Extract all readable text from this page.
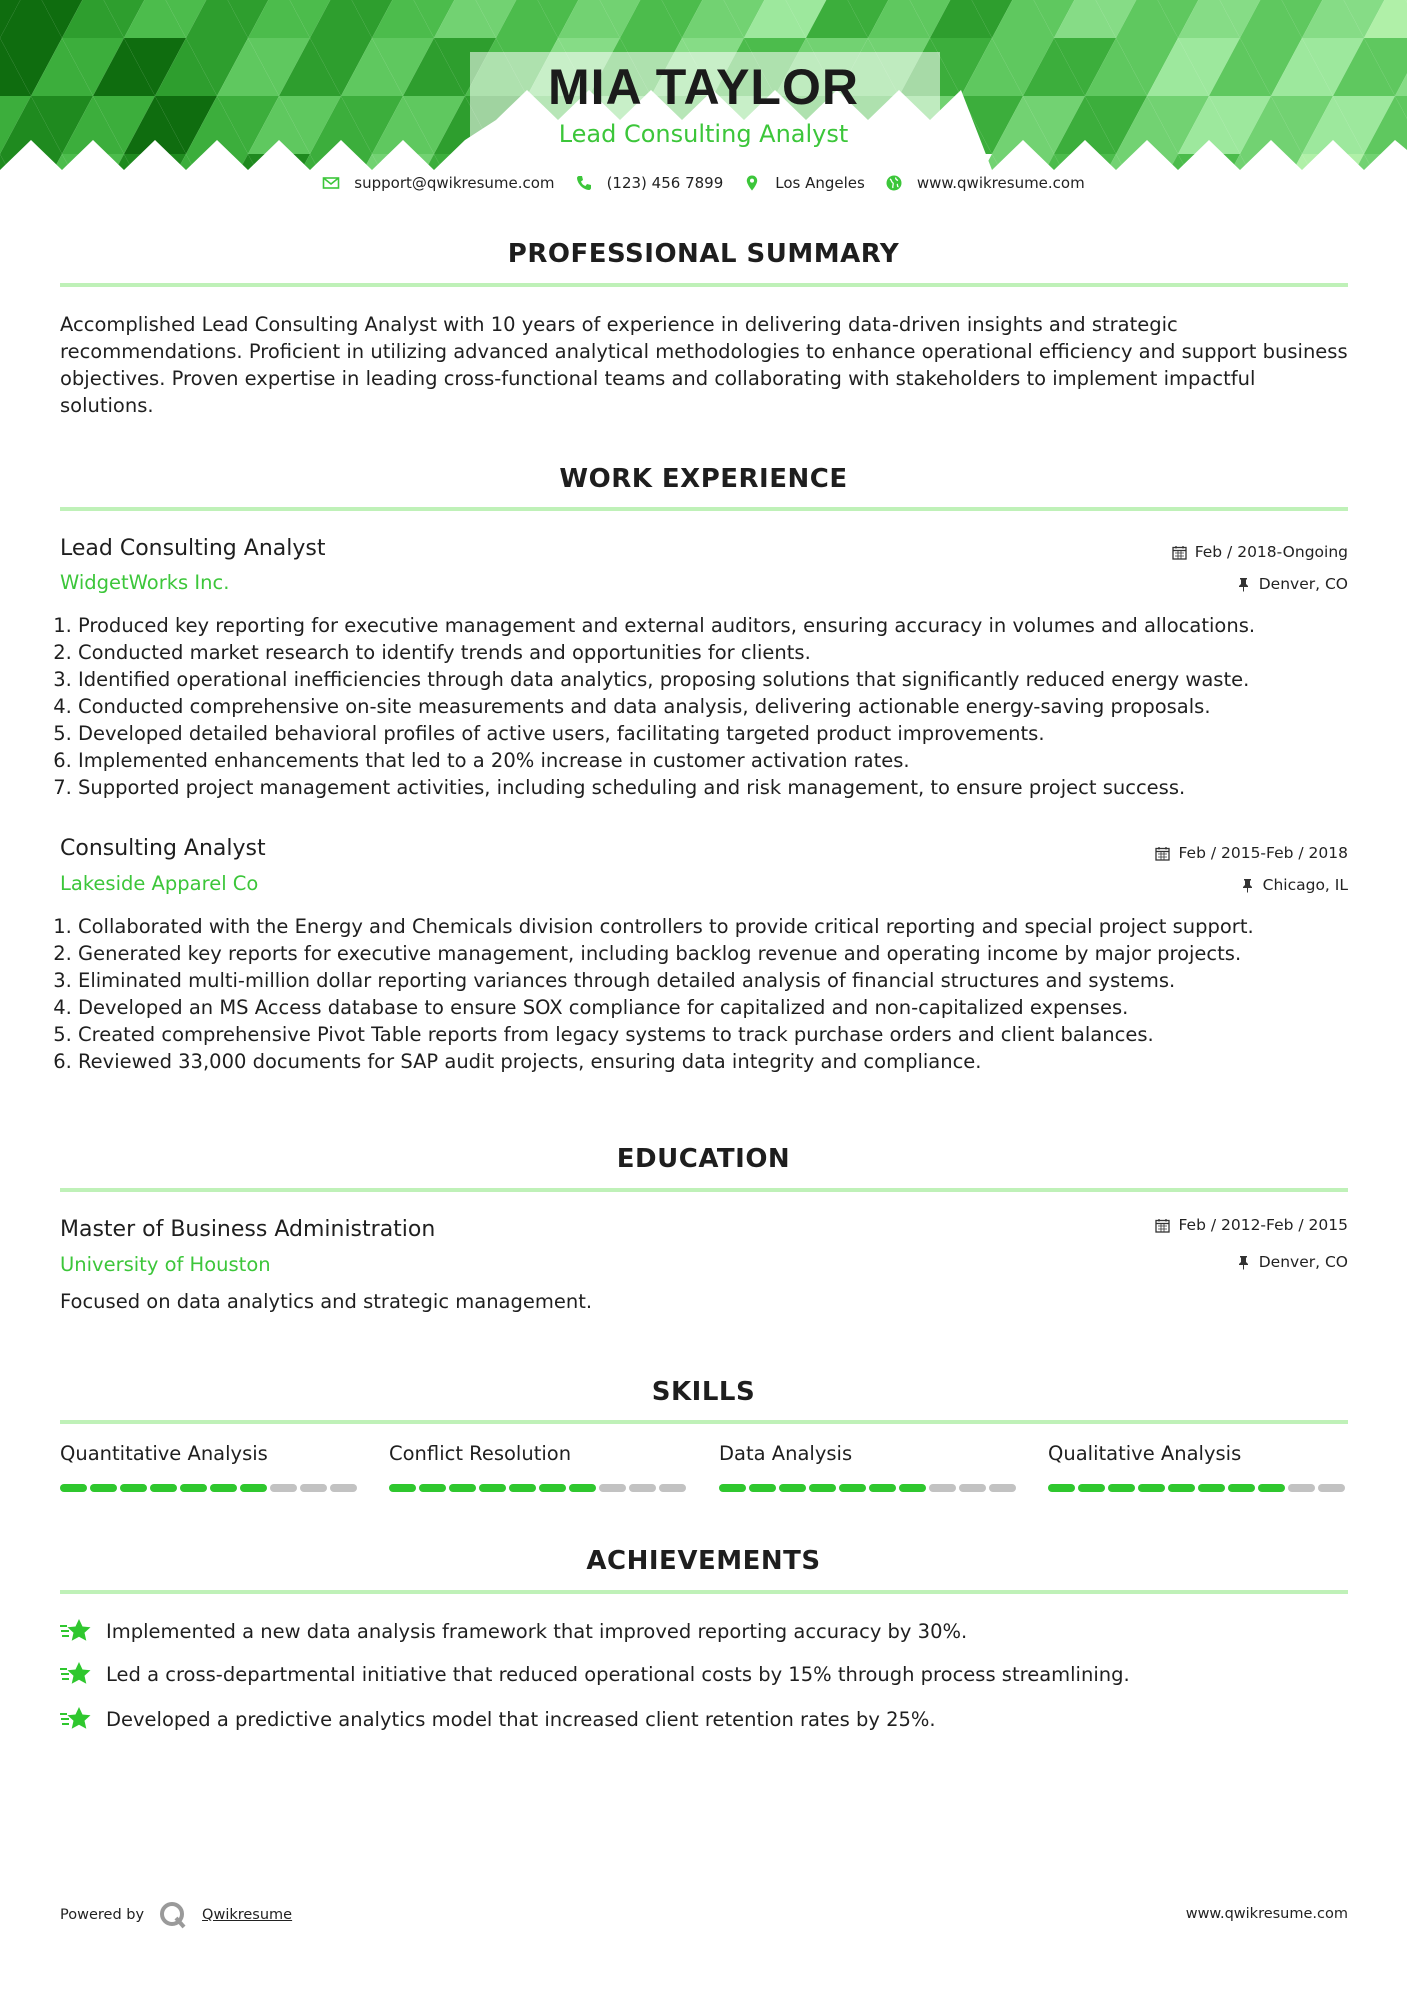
MIA TAYLOR
Lead Consulting Analyst
support@qwikresume.com	(123) 456 7899	Los Angeles	www.qwikresume.com
PROFESSIONAL SUMMARY
Accomplished Lead Consulting Analyst with 10 years of experience in delivering data-driven insights and strategic recommendations. Proficient in utilizing advanced analytical methodologies to enhance operational efficiency and support business objectives. Proven expertise in leading cross-functional teams and collaborating with stakeholders to implement impactful solutions.
WORK EXPERIENCE
Lead Consulting Analyst	Feb / 2018-Ongoing
WidgetWorks Inc.	Denver, CO
1. Produced key reporting for executive management and external auditors, ensuring accuracy in volumes and allocations.
2. Conducted market research to identify trends and opportunities for clients.
3. Identified operational inefficiencies through data analytics, proposing solutions that significantly reduced energy waste.
4. Conducted comprehensive on-site measurements and data analysis, delivering actionable energy-saving proposals.
5. Developed detailed behavioral profiles of active users, facilitating targeted product improvements.
6. Implemented enhancements that led to a 20% increase in customer activation rates.
7. Supported project management activities, including scheduling and risk management, to ensure project success.
Consulting Analyst	Feb / 2015-Feb / 2018
Lakeside Apparel Co	Chicago, IL
1. Collaborated with the Energy and Chemicals division controllers to provide critical reporting and special project support.
2. Generated key reports for executive management, including backlog revenue and operating income by major projects.
3. Eliminated multi-million dollar reporting variances through detailed analysis of financial structures and systems.
4. Developed an MS Access database to ensure SOX compliance for capitalized and non-capitalized expenses.
5. Created comprehensive Pivot Table reports from legacy systems to track purchase orders and client balances.
6. Reviewed 33,000 documents for SAP audit projects, ensuring data integrity and compliance.
EDUCATION
Master of Business Administration	Feb / 2012-Feb / 2015
University of Houston	Denver, CO
Focused on data analytics and strategic management.
SKILLS
Quantitative Analysis	Conflict Resolution	Data Analysis	Qualitative Analysis
ACHIEVEMENTS
Implemented a new data analysis framework that improved reporting accuracy by 30%.
Led a cross-departmental initiative that reduced operational costs by 15% through process streamlining.
Developed a predictive analytics model that increased client retention rates by 25%.
Powered by	Qwikresume	www.qwikresume.com
